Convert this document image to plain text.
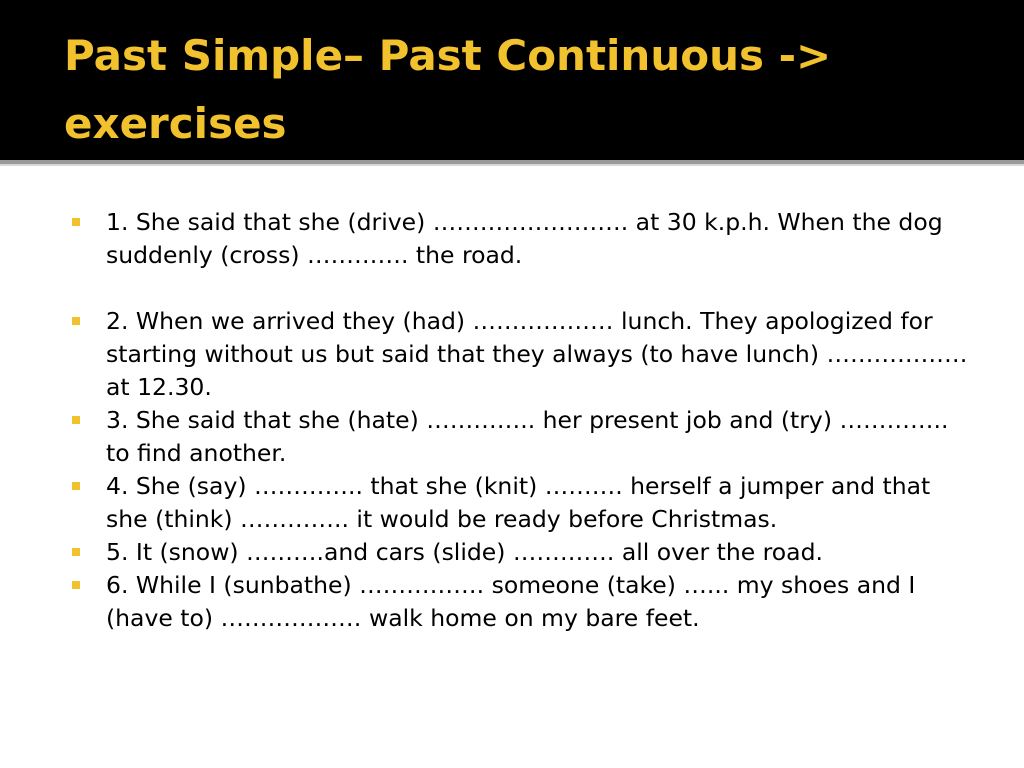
Past Simple– Past Continuous -> exercises
1. She said that she (drive) ……………………. at 30 k.p.h. When the dog suddenly (cross) …………. the road.
2. When we arrived they (had) ……………… lunch. They apologized for starting without us but said that they always (to have lunch) ……………… at 12.30.
3. She said that she (hate) ………….. her present job and (try) ………….. to find another.
4. She (say) ………….. that she (knit) ………. herself a jumper and that she (think) ………….. it would be ready before Christmas.
5. It (snow) ……….and cars (slide) …………. all over the road.
6. While I (sunbathe) ……………. someone (take) …... my shoes and I (have to) ……………… walk home on my bare feet.
